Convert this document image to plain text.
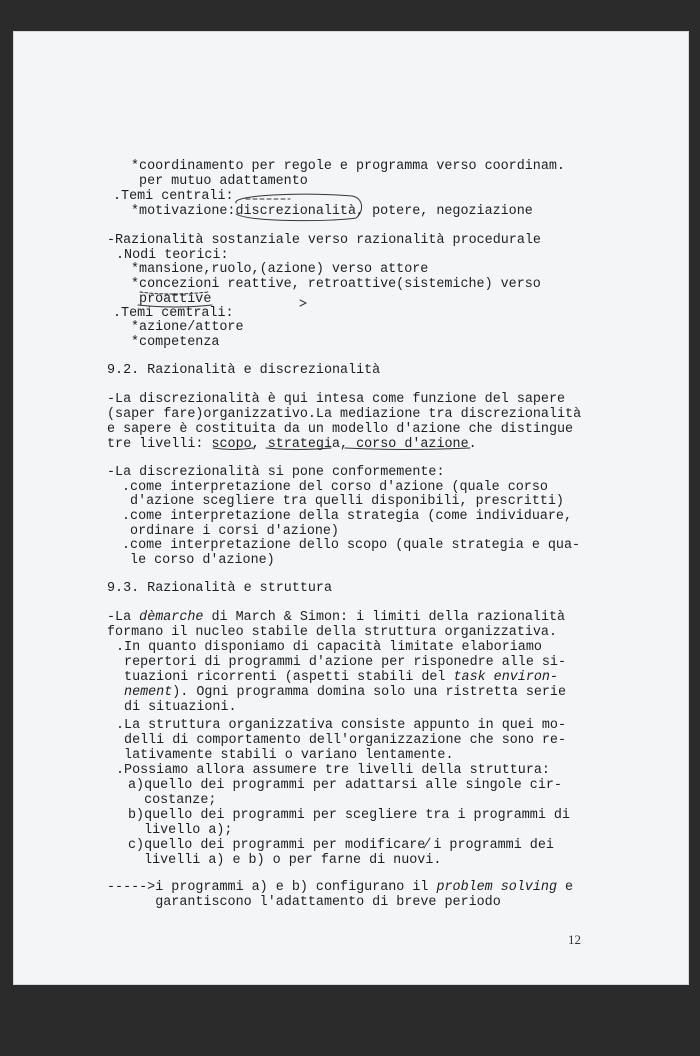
*coordinamento per regole e programma verso coordinam.

per mutuo adattamento

.Temi centrali:

*motivazione:discrezionalità, potere, negoziazione

-Razionalità sostanziale verso razionalità procedurale

.Nodi teorici:

*mansione,ruolo,(azione) verso attore

*concezioni reattive, retroattive(sistemiche) verso

proattive

.Temi cemtrali:

*azione/attore

*competenza

9.2. Razionalità e discrezionalità

-La discrezionalità è qui intesa come funzione del sapere

(saper fare)organizzativo.La mediazione tra discrezionalità

e sapere è costituita da un modello d'azione che distingue

tre livelli: scopo, strategia, corso d'azione.

-La discrezionalità si pone conformemente:

.come interpretazione del corso d'azione (quale corso

d'azione scegliere tra quelli disponibili, prescritti)

.come interpretazione della strategia (come individuare,

ordinare i corsi d'azione)

.come interpretazione dello scopo (quale strategia e qua-

le corso d'azione)

9.3. Razionalità e struttura

-La dèmarche di March & Simon: i limiti della razionalità

formano il nucleo stabile della struttura organizzativa.

.In quanto disponiamo di capacità limitate elaboriamo

repertori di programmi d'azione per risponedre alle si-

tuazioni ricorrenti (aspetti stabili del task environ-

nement). Ogni programma domina solo una ristretta serie

di situazioni.

.La struttura organizzativa consiste appunto in quei mo-

delli di comportamento dell'organizzazione che sono re-

lativamente stabili o variano lentamente.

.Possiamo allora assumere tre livelli della struttura:

a)quello dei programmi per adattarsi alle singole cir-

costanze;

b)quello dei programmi per scegliere tra i programmi di

livello a);

c)quello dei programmi per modificare i programmi dei

livelli a) e b) o per farne di nuovi.

----->i programmi a) e b) configurano il problem solving e

garantiscono l'adattamento di breve periodo

12
